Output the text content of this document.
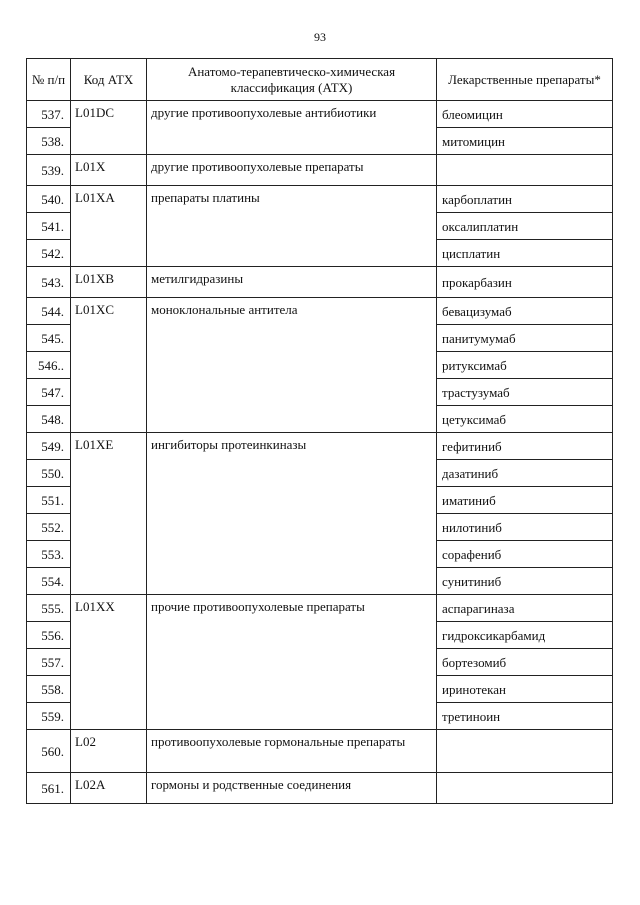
93
№ п/п	Код АТХ	Анатомо-терапевтическо-химическая классификация (АТХ)	Лекарственные препараты*
537.	L01DC	другие противоопухолевые антибиотики	блеомицин
538.			митомицин
539.	L01X	другие противоопухолевые препараты	
540.	L01XA	препараты платины	карбоплатин
541.			оксалиплатин
542.			цисплатин
543.	L01XB	метилгидразины	прокарбазин
544.	L01XC	моноклональные антитела	бевацизумаб
545.			панитумумаб
546..			ритуксимаб
547.			трастузумаб
548.			цетуксимаб
549.	L01XE	ингибиторы протеинкиназы	гефитиниб
550.			дазатиниб
551.			иматиниб
552.			нилотиниб
553.			сорафениб
554.			сунитиниб
555.	L01XX	прочие противоопухолевые препараты	аспарагиназа
556.			гидроксикарбамид
557.			бортезомиб
558.			иринотекан
559.			третиноин
560.	L02	противоопухолевые гормональные препараты	
561.	L02A	гормоны и родственные соединения	
